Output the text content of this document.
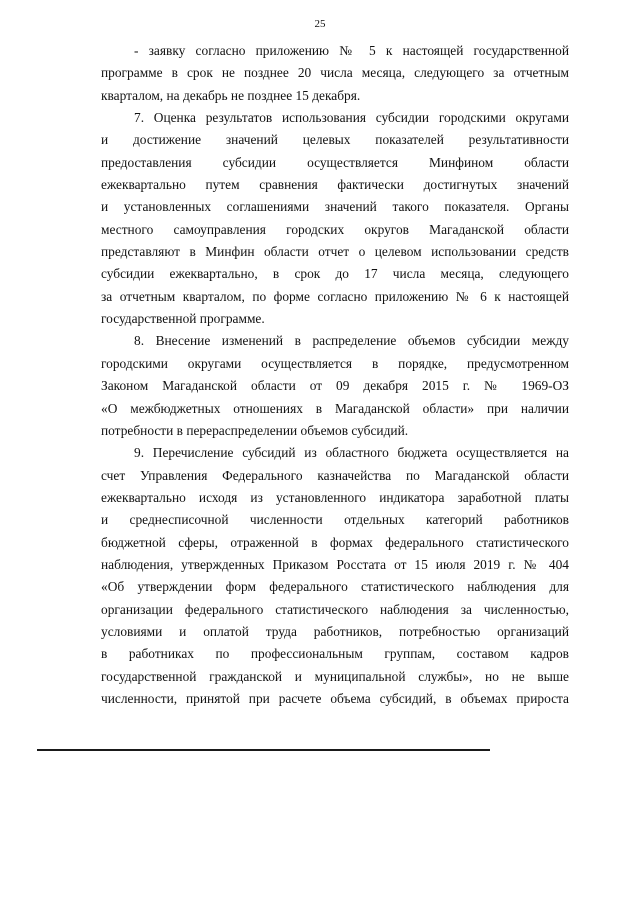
25
- заявку согласно приложению № 5 к настоящей государственной
программе в срок не позднее 20 числа месяца, следующего за отчетным
кварталом, на декабрь не позднее 15 декабря.
7. Оценка результатов использования субсидии городскими округами
и достижение значений целевых показателей результативности
предоставления субсидии осуществляется Минфином области
ежеквартально путем сравнения фактически достигнутых значений
и установленных соглашениями значений такого показателя. Органы
местного самоуправления городских округов Магаданской области
представляют в Минфин области отчет о целевом использовании средств
субсидии ежеквартально, в срок до 17 числа месяца, следующего
за отчетным кварталом, по форме согласно приложению № 6 к настоящей
государственной программе.
8. Внесение изменений в распределение объемов субсидии между
городскими округами осуществляется в порядке, предусмотренном
Законом Магаданской области от 09 декабря 2015 г. № 1969-ОЗ
«О межбюджетных отношениях в Магаданской области» при наличии
потребности в перераспределении объемов субсидий.
9. Перечисление субсидий из областного бюджета осуществляется на
счет Управления Федерального казначейства по Магаданской области
ежеквартально исходя из установленного индикатора заработной платы
и среднесписочной численности отдельных категорий работников
бюджетной сферы, отраженной в формах федерального статистического
наблюдения, утвержденных Приказом Росстата от 15 июля 2019 г. № 404
«Об утверждении форм федерального статистического наблюдения для
организации федерального статистического наблюдения за численностью,
условиями и оплатой труда работников, потребностью организаций
в работниках по профессиональным группам, составом кадров
государственной гражданской и муниципальной службы», но не выше
численности, принятой при расчете объема субсидий, в объемах прироста
